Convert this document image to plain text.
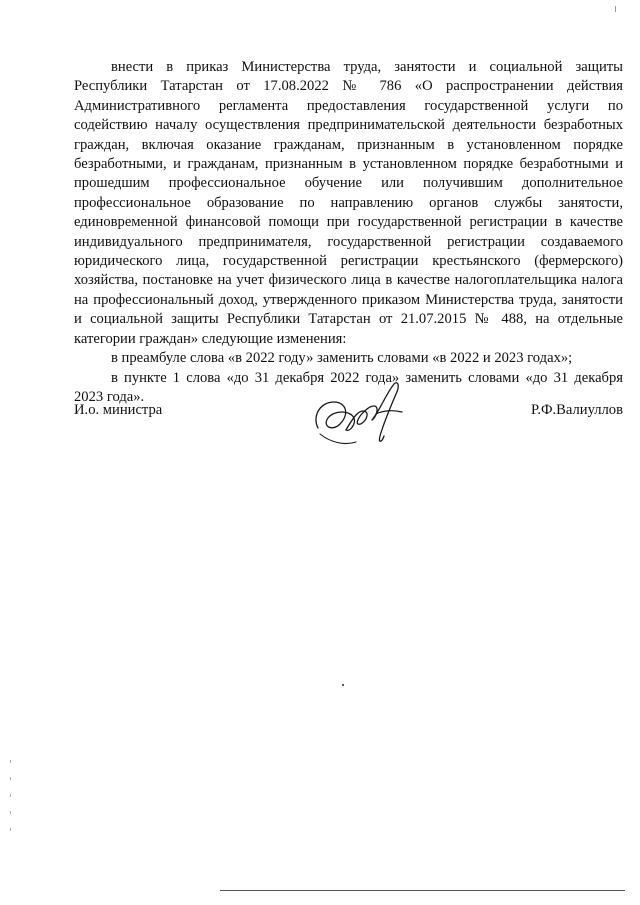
внести в приказ Министерства труда, занятости и социальной защиты Республики Татарстан от 17.08.2022 № 786 «О распространении действия Административного регламента предоставления государственной услуги по содействию началу осуществления предпринимательской деятельности безработных граждан, включая оказание гражданам, признанным в установленном порядке безработными, и гражданам, признанным в установленном порядке безработными и прошедшим профессиональное обучение или получившим дополнительное профессиональное образование по направлению органов службы занятости, единовременной финансовой помощи при государственной регистрации в качестве индивидуального предпринимателя, государственной регистрации создаваемого юридического лица, государственной регистрации крестьянского (фермерского) хозяйства, постановке на учет физического лица в качестве налогоплательщика налога на профессиональный доход, утвержденного приказом Министерства труда, занятости и социальной защиты Республики Татарстан от 21.07.2015 № 488, на отдельные категории граждан» следующие изменения:

в преамбуле слова «в 2022 году» заменить словами «в 2022 и 2023 годах»;

в пункте 1 слова «до 31 декабря 2022 года» заменить словами «до 31 декабря 2023 года».

И.о. министра	Р.Ф.Валиуллов
